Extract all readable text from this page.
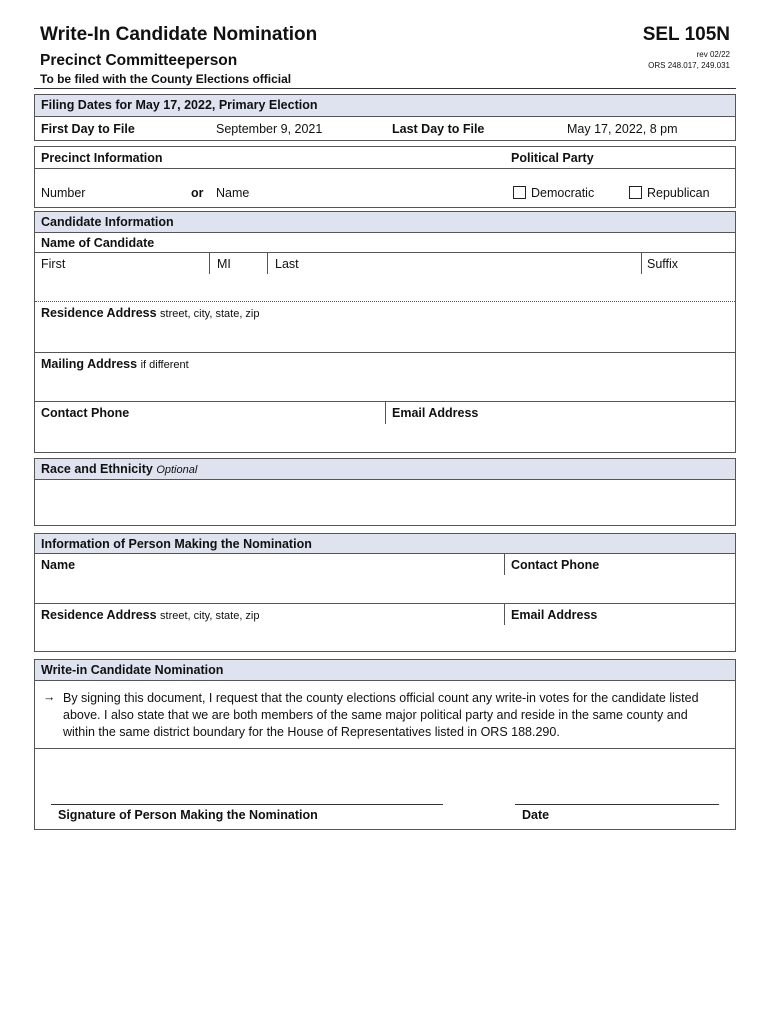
Write-In Candidate Nomination
Precinct Committeeperson
To be filed with the County Elections official
SEL 105N
rev 02/22
ORS 248.017, 249.031
Filing Dates for May 17, 2022, Primary Election
First Day to File	September 9, 2021	Last Day to File	May 17, 2022, 8 pm
Precinct Information	Political Party
Number	or Name	Democratic	Republican
Candidate Information
Name of Candidate
First	MI	Last	Suffix
Residence Address street, city, state, zip
Mailing Address if different
Contact Phone	Email Address
Race and Ethnicity Optional
Information of Person Making the Nomination
Name	Contact Phone
Residence Address street, city, state, zip	Email Address
Write-in Candidate Nomination
→ By signing this document, I request that the county elections official count any write-in votes for the candidate listed above. I also state that we are both members of the same major political party and reside in the same county and within the same district boundary for the House of Representatives listed in ORS 188.290.
Signature of Person Making the Nomination	Date
